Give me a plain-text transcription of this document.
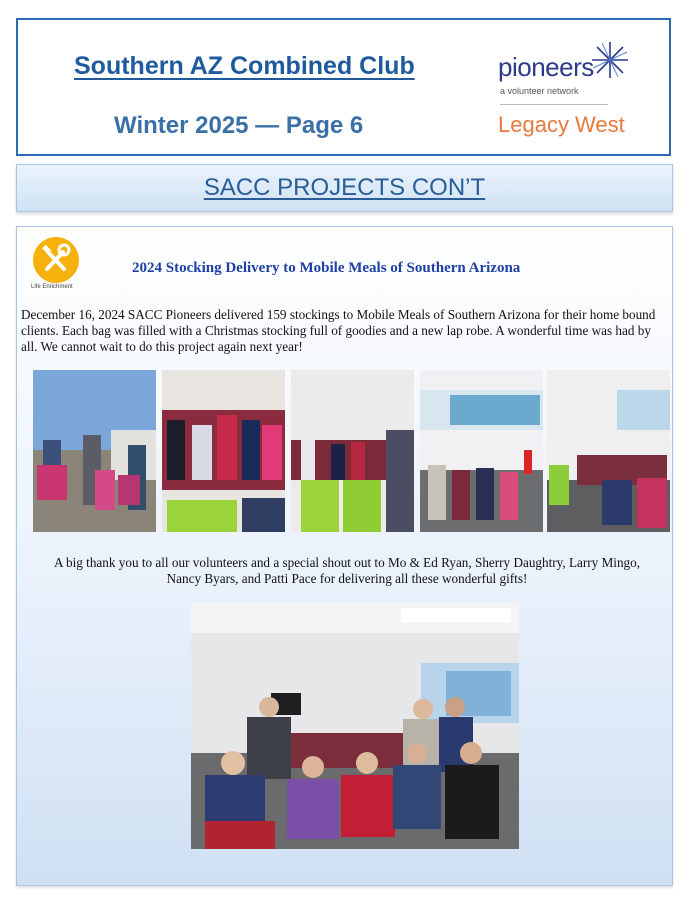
Southern AZ Combined Club
Winter 2025 — Page 6
pioneers
a volunteer network
Legacy West
SACC PROJECTS CON’T
Life Enrichment
2024 Stocking Delivery to Mobile Meals of Southern Arizona
December 16, 2024 SACC Pioneers delivered 159 stockings to Mobile Meals of Southern Arizona for their home bound clients. Each bag was filled with a Christmas stocking full of goodies and a new lap robe. A wonderful time was had by all. We cannot wait to do this project again next year!
A big thank you to all our volunteers and a special shout out to Mo & Ed Ryan, Sherry Daughtry, Larry Mingo, Nancy Byars, and Patti Pace for delivering all these wonderful gifts!
